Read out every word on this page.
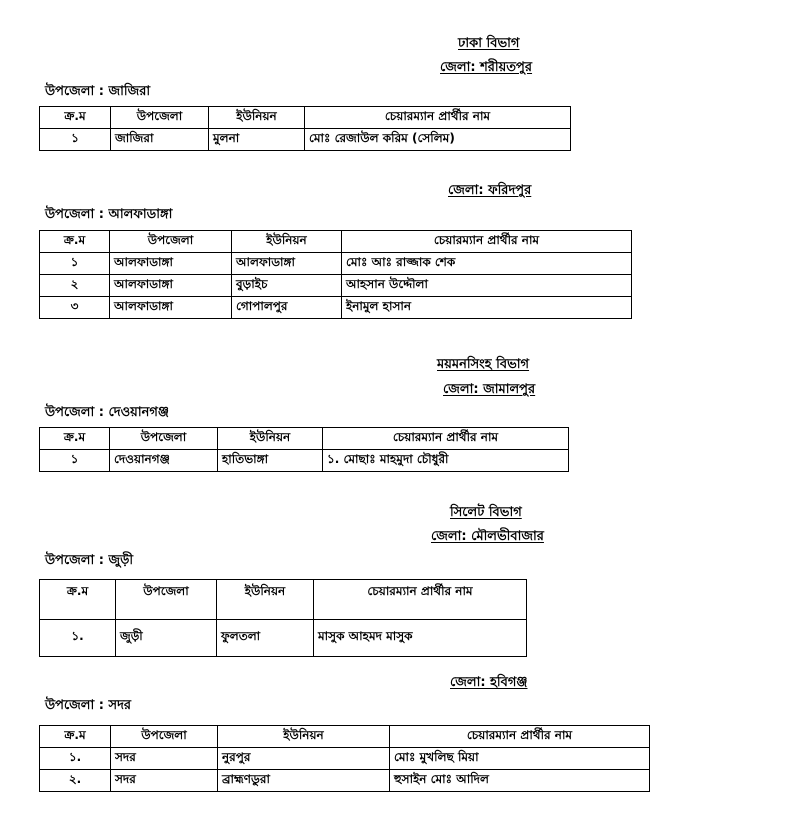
ঢাকা বিভাগ
জেলা: শরীয়তপুর
উপজেলা : জাজিরা
ক্র.ম	উপজেলা	ইউনিয়ন	চেয়ারম্যান প্রার্থীর নাম
১	জাজিরা	মুলনা	মোঃ রেজাউল করিম (সেলিম)
জেলা: ফরিদপুর
উপজেলা : আলফাডাঙ্গা
ক্র.ম	উপজেলা	ইউনিয়ন	চেয়ারম্যান প্রার্থীর নাম
১	আলফাডাঙ্গা	আলফাডাঙ্গা	মোঃ আঃ রাজ্জাক শেক
২	আলফাডাঙ্গা	বুড়াইচ	আহসান উদ্দৌলা
৩	আলফাডাঙ্গা	গোপালপুর	ইনামুল হাসান
ময়মনসিংহ বিভাগ
জেলা: জামালপুর
উপজেলা : দেওয়ানগঞ্জ
ক্র.ম	উপজেলা	ইউনিয়ন	চেয়ারম্যান প্রার্থীর নাম
১	দেওয়ানগঞ্জ	হাতিভাঙ্গা	১. মোছাঃ মাহমুদা চৌধুরী
সিলেট বিভাগ
জেলা: মৌলভীবাজার
উপজেলা : জুড়ী
ক্র.ম	উপজেলা	ইউনিয়ন	চেয়ারম্যান প্রার্থীর নাম
১.	জুড়ী	ফুলতলা	মাসুক আহমদ মাসুক
জেলা: হবিগঞ্জ
উপজেলা : সদর
ক্র.ম	উপজেলা	ইউনিয়ন	চেয়ারম্যান প্রার্থীর নাম
১.	সদর	নুরপুর	মোঃ মুখলিছ মিয়া
২.	সদর	ব্রাহ্মণডুরা	হুসাইন মোঃ আদিল
